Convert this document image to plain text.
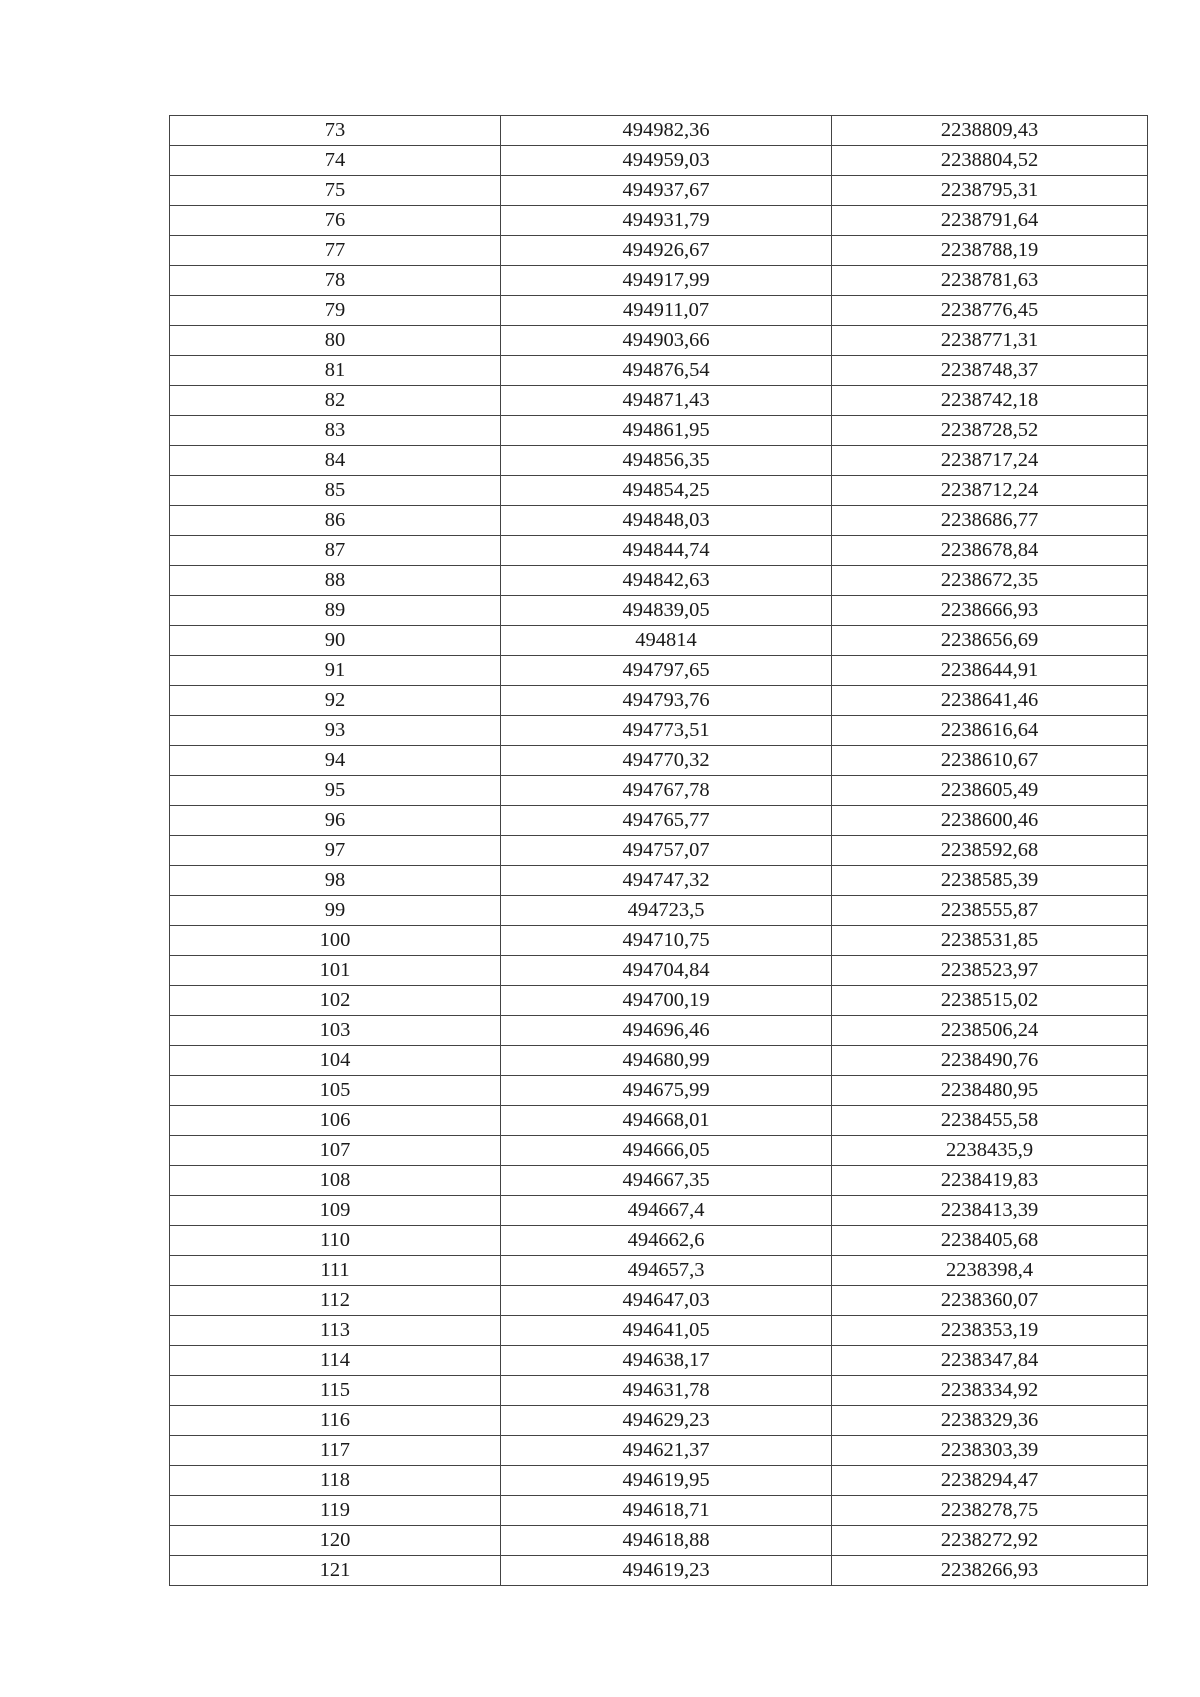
73	494982,36	2238809,43
74	494959,03	2238804,52
75	494937,67	2238795,31
76	494931,79	2238791,64
77	494926,67	2238788,19
78	494917,99	2238781,63
79	494911,07	2238776,45
80	494903,66	2238771,31
81	494876,54	2238748,37
82	494871,43	2238742,18
83	494861,95	2238728,52
84	494856,35	2238717,24
85	494854,25	2238712,24
86	494848,03	2238686,77
87	494844,74	2238678,84
88	494842,63	2238672,35
89	494839,05	2238666,93
90	494814	2238656,69
91	494797,65	2238644,91
92	494793,76	2238641,46
93	494773,51	2238616,64
94	494770,32	2238610,67
95	494767,78	2238605,49
96	494765,77	2238600,46
97	494757,07	2238592,68
98	494747,32	2238585,39
99	494723,5	2238555,87
100	494710,75	2238531,85
101	494704,84	2238523,97
102	494700,19	2238515,02
103	494696,46	2238506,24
104	494680,99	2238490,76
105	494675,99	2238480,95
106	494668,01	2238455,58
107	494666,05	2238435,9
108	494667,35	2238419,83
109	494667,4	2238413,39
110	494662,6	2238405,68
111	494657,3	2238398,4
112	494647,03	2238360,07
113	494641,05	2238353,19
114	494638,17	2238347,84
115	494631,78	2238334,92
116	494629,23	2238329,36
117	494621,37	2238303,39
118	494619,95	2238294,47
119	494618,71	2238278,75
120	494618,88	2238272,92
121	494619,23	2238266,93
